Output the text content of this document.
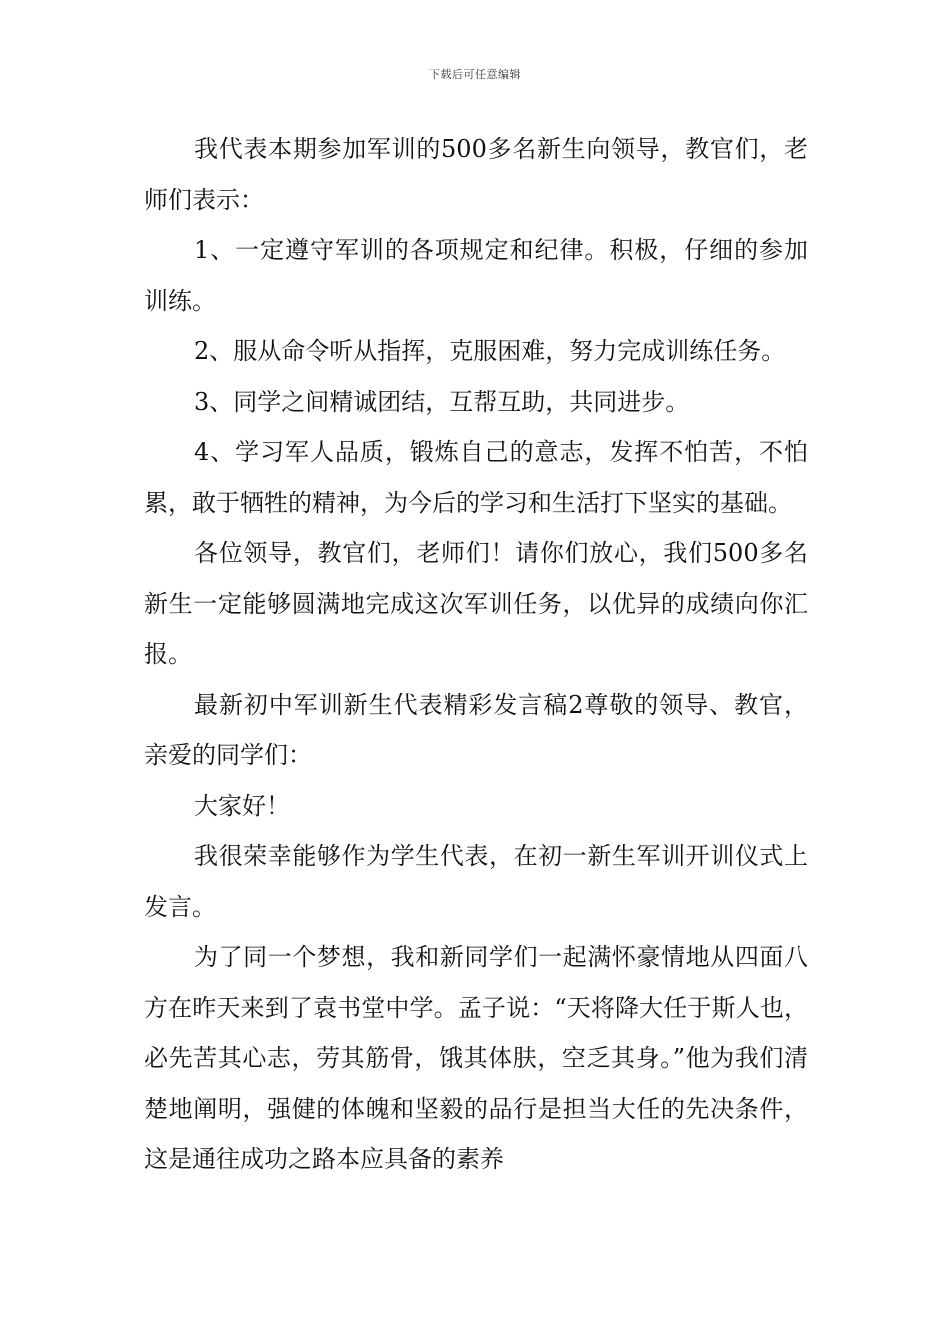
下载后可任意编辑

我代表本期参加军训的500多名新生向领导，教官们，老师们表示：

1、一定遵守军训的各项规定和纪律。积极，仔细的参加训练。

2、服从命令听从指挥，克服困难，努力完成训练任务。

3、同学之间精诚团结，互帮互助，共同进步。

4、学习军人品质，锻炼自己的意志，发挥不怕苦，不怕累，敢于牺牲的精神，为今后的学习和生活打下坚实的基础。

各位领导，教官们，老师们！请你们放心，我们500多名新生一定能够圆满地完成这次军训任务，以优异的成绩向你汇报。

最新初中军训新生代表精彩发言稿2尊敬的领导、教官，亲爱的同学们：

大家好！

我很荣幸能够作为学生代表，在初一新生军训开训仪式上发言。

为了同一个梦想，我和新同学们一起满怀豪情地从四面八方在昨天来到了袁书堂中学。孟子说：“天将降大任于斯人也，必先苦其心志，劳其筋骨，饿其体肤，空乏其身。”他为我们清楚地阐明，强健的体魄和坚毅的品行是担当大任的先决条件，这是通往成功之路本应具备的素养
